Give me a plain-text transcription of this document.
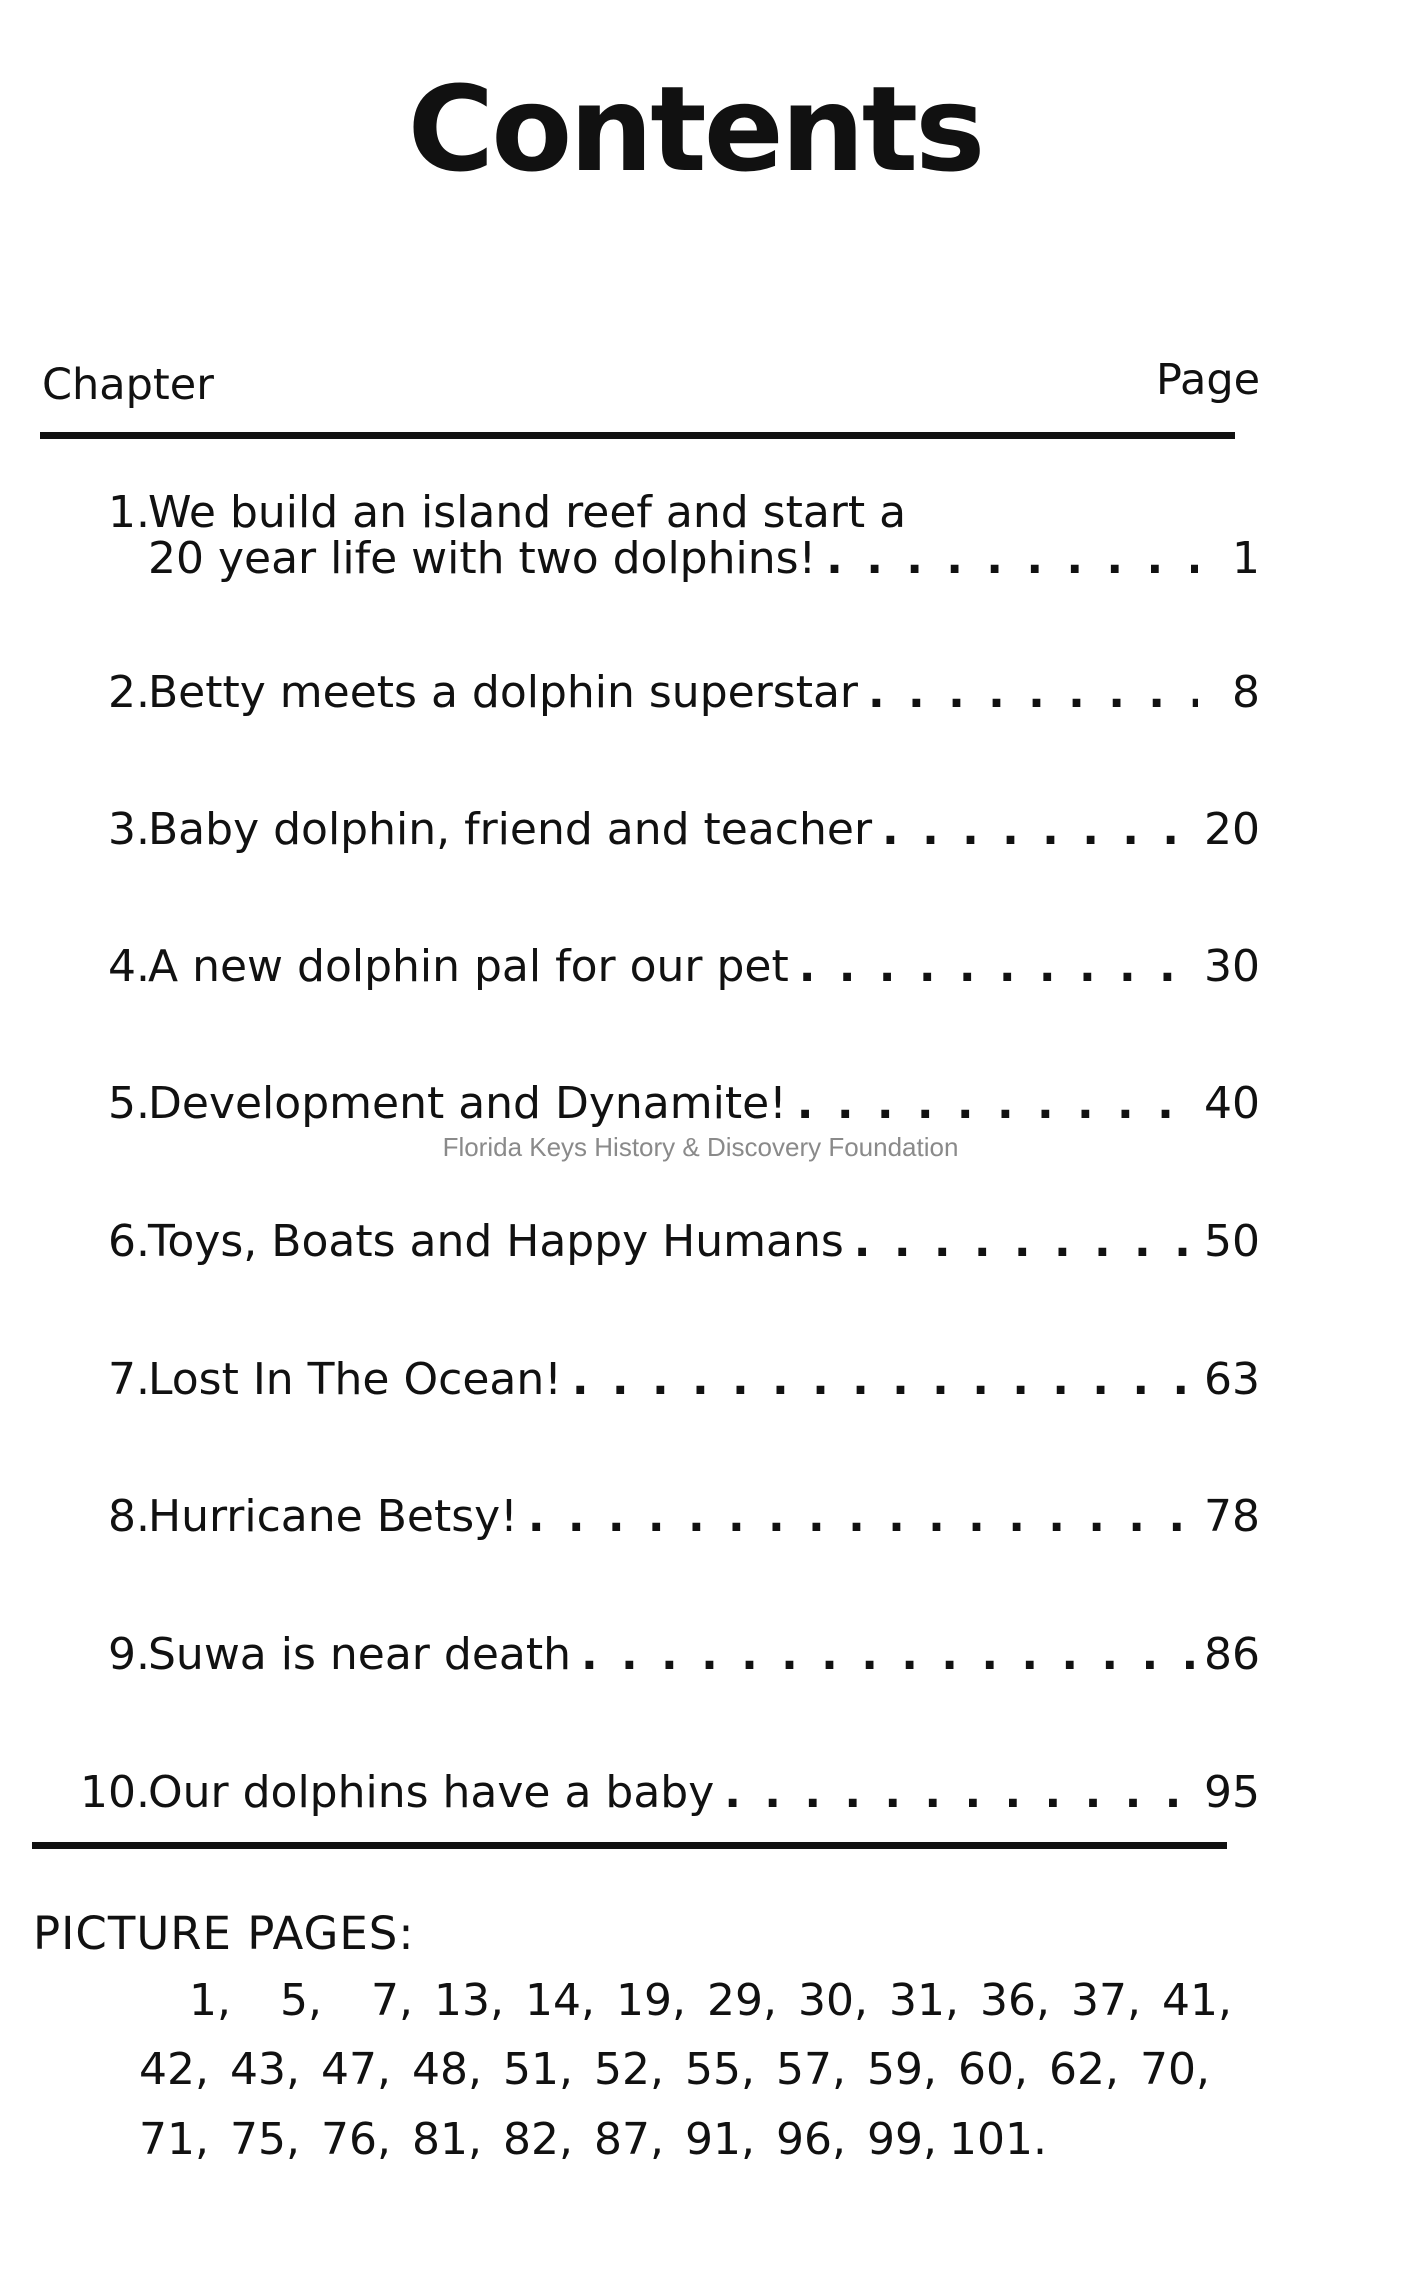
Contents
Chapter	Page
1.
We build an island reef and start a
20 year life with two dolphins! . . .	1
2.
Betty meets a dolphin superstar . . .	8
3.
Baby dolphin, friend and teacher . . .	20
4.
A new dolphin pal for our pet . . .	30
5.
Development and Dynamite! . . .	40
Florida Keys History & Discovery Foundation
6.
Toys, Boats and Happy Humans . . .	50
7.
Lost In The Ocean! . . .	63
8.
Hurricane Betsy! . . .	78
9.
Suwa is near death . . .	86
10.
Our dolphins have a baby . . .	95
PICTURE PAGES:
1,	5,	7, 13, 14, 19, 29, 30, 31, 36, 37, 41,
42, 43, 47, 48, 51, 52, 55, 57, 59, 60, 62, 70,
71, 75, 76, 81, 82, 87, 91, 96, 99, 101.
